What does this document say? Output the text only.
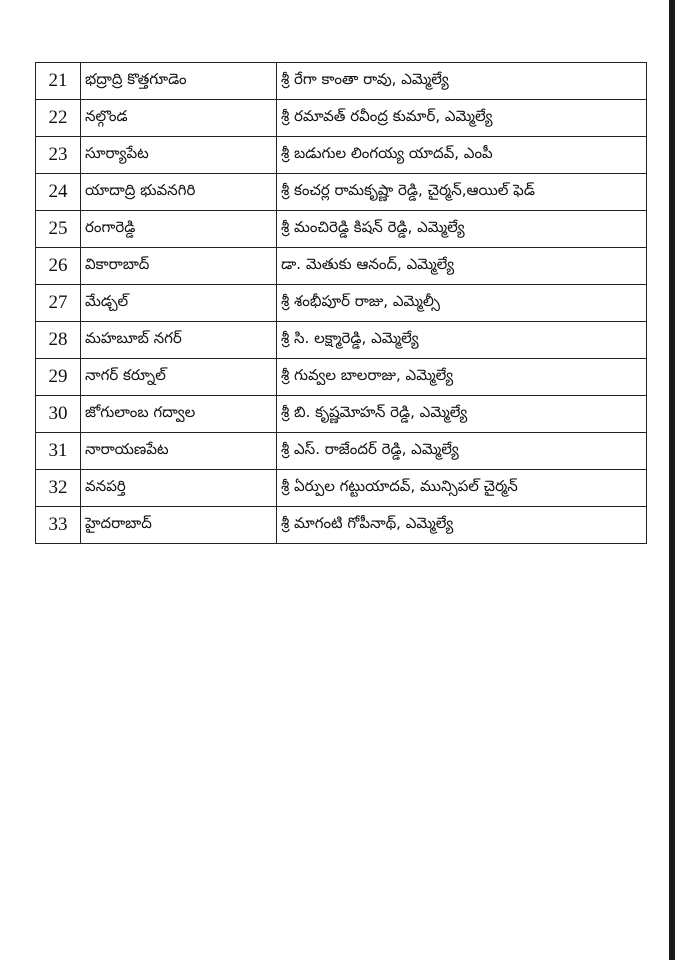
21	భద్రాద్రి కొత్తగూడెం	శ్రీ రేగా కాంతా రావు, ఎమ్మెల్యే
22	నల్గొండ	శ్రీ రమావత్ రవీంద్ర కుమార్, ఎమ్మెల్యే
23	సూర్యాపేట	శ్రీ బడుగుల లింగయ్య యాదవ్, ఎంపీ
24	యాదాద్రి భువనగిరి	శ్రీ కంచర్ల రామకృష్ణా రెడ్డి, చైర్మన్,ఆయిల్ ఫెడ్
25	రంగారెడ్డి	శ్రీ మంచిరెడ్డి కిషన్ రెడ్డి, ఎమ్మెల్యే
26	వికారాబాద్	డా. మెతుకు ఆనంద్, ఎమ్మెల్యే
27	మేడ్చల్	శ్రీ శంభీపూర్ రాజు, ఎమ్మెల్సీ
28	మహబూబ్ నగర్	శ్రీ సి. లక్ష్మారెడ్డి, ఎమ్మెల్యే
29	నాగర్ కర్నూల్	శ్రీ గువ్వల బాలరాజు, ఎమ్మెల్యే
30	జోగులాంబ గద్వాల	శ్రీ బి. కృష్ణమోహన్ రెడ్డి, ఎమ్మెల్యే
31	నారాయణపేట	శ్రీ ఎస్. రాజేందర్ రెడ్డి, ఎమ్మెల్యే
32	వనపర్తి	శ్రీ ఏర్పుల గట్టుయాదవ్, మున్సిపల్ చైర్మన్
33	హైదరాబాద్	శ్రీ మాగంటి గోపీనాథ్, ఎమ్మెల్యే
